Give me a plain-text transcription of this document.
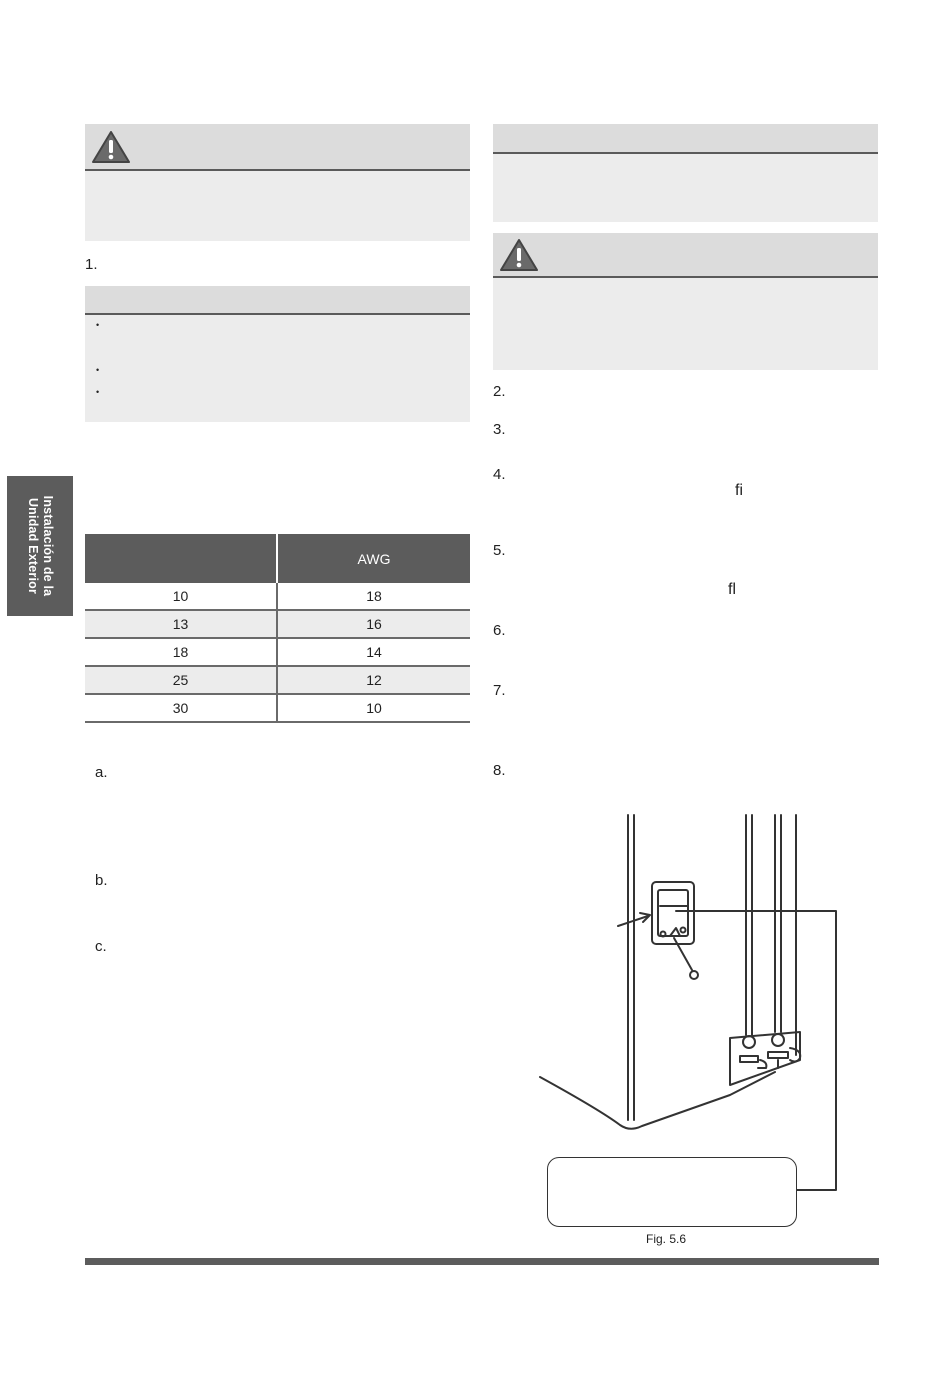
Instalación de la
Unidad Exterior
1.
•
•
•
	AWG
10	18
13	16
18	14
25	12
30	10
a.
b.
c.
2.
3.
4.
ﬁ
5.
ﬂ
6.
7.
8.
Fig. 5.6
